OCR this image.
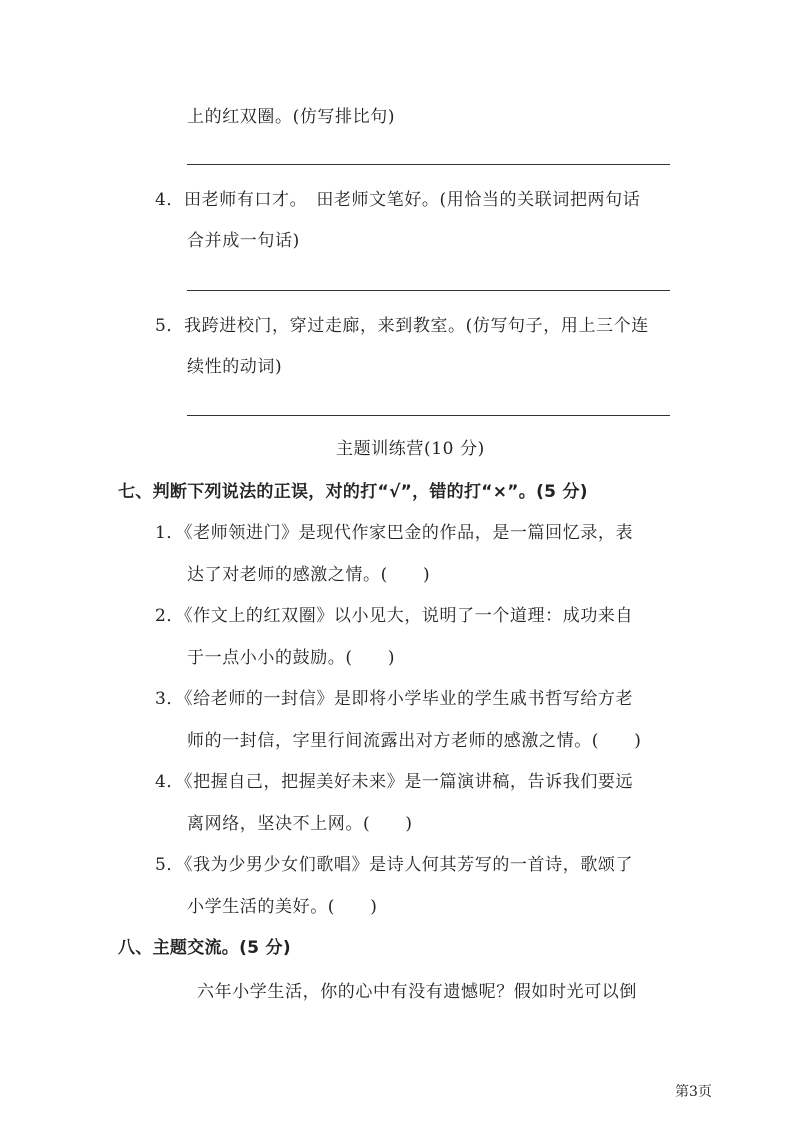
上的红双圈。(仿写排比句)
4．田老师有口才。　田老师文笔好。(用恰当的关联词把两句话
合并成一句话)
5．我跨进校门，穿过走廊，来到教室。(仿写句子，用上三个连
续性的动词)
主题训练营(10 分)
七、判断下列说法的正误，对的打“√”，错的打“×”。(5 分)
1．《老师领进门》是现代作家巴金的作品，是一篇回忆录，表
达了对老师的感激之情。(　　)
2．《作文上的红双圈》以小见大，说明了一个道理：成功来自
于一点小小的鼓励。(　　)
3．《给老师的一封信》是即将小学毕业的学生戚书哲写给方老
师的一封信，字里行间流露出对方老师的感激之情。(　　)
4．《把握自己，把握美好未来》是一篇演讲稿，告诉我们要远
离网络，坚决不上网。(　　)
5．《我为少男少女们歌唱》是诗人何其芳写的一首诗，歌颂了
小学生活的美好。(　　)
八、主题交流。(5 分)
六年小学生活，你的心中有没有遗憾呢？假如时光可以倒
第3页
